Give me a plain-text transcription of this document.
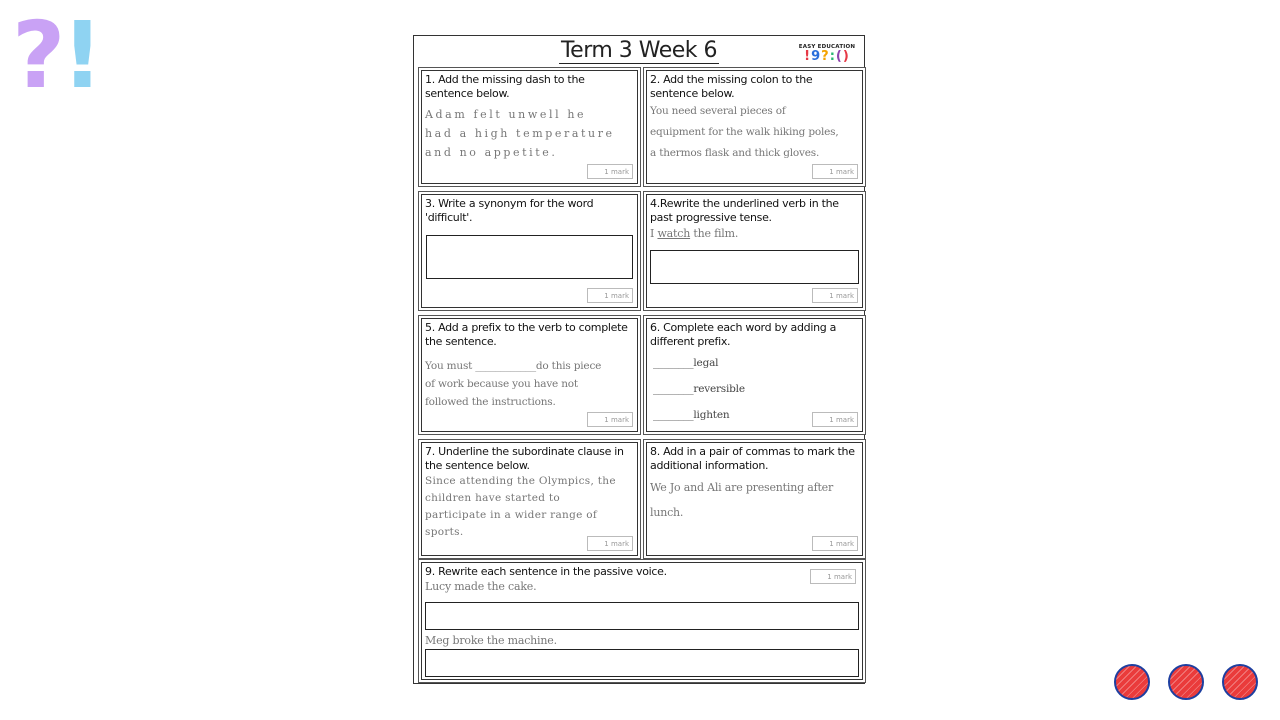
?
!	Term 3 Week 6	EASY EDUCATION
!9?:()
1. Add the missing dash to the sentence below.
Adam felt unwell he
had a high temperature
and no appetite.
1 mark
2. Add the missing colon to the sentence below.
You need several pieces of
equipment for the walk hiking poles,
a thermos flask and thick gloves.
1 mark
3. Write a synonym for the word 'difficult'.
1 mark
4.Rewrite the underlined verb in the past progressive tense.
I watch the film.
1 mark
5. Add a prefix to the verb to complete the sentence.
You must ____________do this piece
of work because you have not
followed the instructions.
1 mark
6. Complete each word by adding a different prefix.
________legal
________reversible
________lighten	1 mark
7. Underline the subordinate clause in the sentence below.
Since attending the Olympics, the
children have started to
participate in a wider range of
sports.
1 mark
8. Add in a pair of commas to mark the additional information.
We Jo and Ali are presenting after
lunch.
1 mark
9. Rewrite each sentence in the passive voice.	1 mark
Lucy made the cake.
Meg broke the machine.
